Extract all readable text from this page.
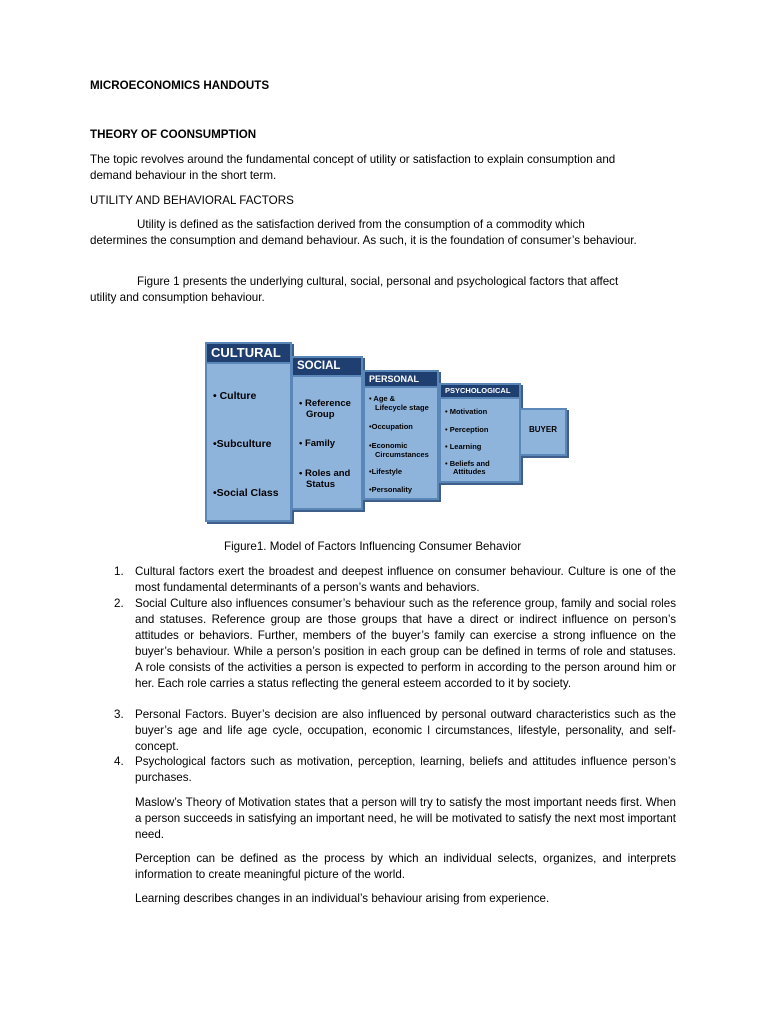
MICROECONOMICS HANDOUTS
THEORY OF COONSUMPTION
The topic revolves around the fundamental concept of utility or satisfaction to explain consumption and
demand behaviour in the short term.
UTILITY AND BEHAVIORAL FACTORS
Utility is defined as the satisfaction derived from the consumption of a commodity which
determines the consumption and demand behaviour. As such, it is the foundation of consumer’s behaviour.
Figure 1 presents the underlying cultural, social, personal and psychological factors that affect
utility and consumption behaviour.
CULTURAL
• Culture
•Subculture
•Social Class
SOCIAL
• Reference
Group
• Family
• Roles and
Status
PERSONAL
• Age &
Lifecycle stage
•Occupation
•Economic
Circumstances
•Lifestyle
•Personality
PSYCHOLOGICAL
• Motivation
• Perception
• Learning
• Beliefs and
Attitudes
BUYER
Figure1. Model of Factors Influencing Consumer Behavior
1. Cultural factors exert the broadest and deepest influence on consumer behaviour. Culture is one of the most fundamental determinants of a person’s wants and behaviors.
2. Social Culture also influences consumer’s behaviour such as the reference group, family and social roles and statuses. Reference group are those groups that have a direct or indirect influence on person’s attitudes or behaviors. Further, members of the buyer’s family can exercise a strong influence on the buyer’s behaviour. While a person’s position in each group can be defined in terms of role and statuses. A role consists of the activities a person is expected to perform in according to the person around him or her. Each role carries a status reflecting the general esteem accorded to it by society.
3. Personal Factors. Buyer’s decision are also influenced by personal outward characteristics such as the buyer’s age and life age cycle, occupation, economic l circumstances, lifestyle, personality, and self-concept.
4. Psychological factors such as motivation, perception, learning, beliefs and attitudes influence person’s purchases.
Maslow’s Theory of Motivation states that a person will try to satisfy the most important needs first. When a person succeeds in satisfying an important need, he will be motivated to satisfy the next most important need.
Perception can be defined as the process by which an individual selects, organizes, and interprets information to create meaningful picture of the world.
Learning describes changes in an individual’s behaviour arising from experience.
